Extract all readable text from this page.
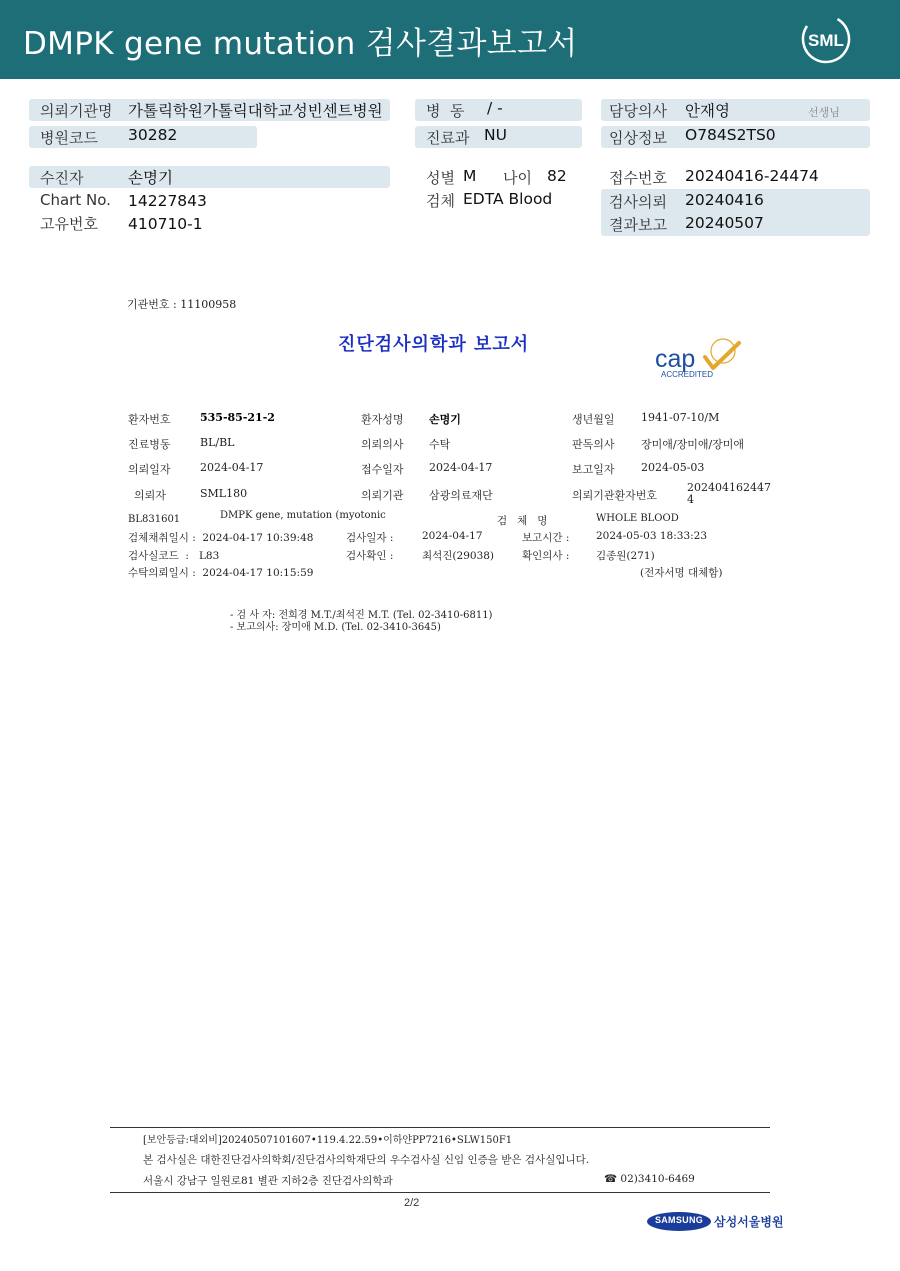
DMPK gene mutation 검사결과보고서	SML
의뢰기관명 가톨릭학원가톨릭대학교성빈센트병원
병원코드 30282
병  동 / -
진료과 NU
담당의사 안재영	선생님
임상정보 O784S2TS0
수진자	손명기
Chart No. 14227843
고유번호 410710-1
성별 M 나이 82
검체 EDTA Blood
접수번호 20240416-24474
검사의뢰 20240416
결과보고 20240507
기관번호 : 11100958
진단검사의학과 보고서
cap
ACCREDITED
환자번호	535-85-21-2	환자성명 손명기	생년월일 1941-07-10/M
진료병동	BL/BL	의뢰의사 수탁	판독의사 장미애/장미애/장미애
의뢰일자	2024-04-17	접수일자 2024-04-17	보고일자 2024-05-03
의뢰자	SML180	의뢰기관 삼광의료재단	의뢰기관환자번호
202404162447
4
BL831601	DMPK gene, mutation (myotonic	검   체   명	WHOLE BLOOD
검체채취일시 :  2024-04-17 10:39:48	검사일자 :	2024-04-17	보고시간 :	2024-05-03 18:33:23
검사실코드  :   L83	검사확인 :	최석진(29038)	확인의사 :	김종원(271)
수탁의뢰일시 :  2024-04-17 10:15:59	(전자서명 대체함)
- 검 사 자: 전희경 M.T./최석진 M.T. (Tel. 02-3410-6811)
- 보고의사: 장미애 M.D. (Tel. 02-3410-3645)
[보안등급:대외비]20240507101607•119.4.22.59•이하얀PP7216•SLW150F1
본 검사실은 대한진단검사의학회/진단검사의학재단의 우수검사실 신임 인증을 받은 검사실입니다.
서울시 강남구 일원로81 별관 지하2층 진단검사의학과	☎ 02)3410-6469
2/2
SAMSUNG 삼성서울병원
